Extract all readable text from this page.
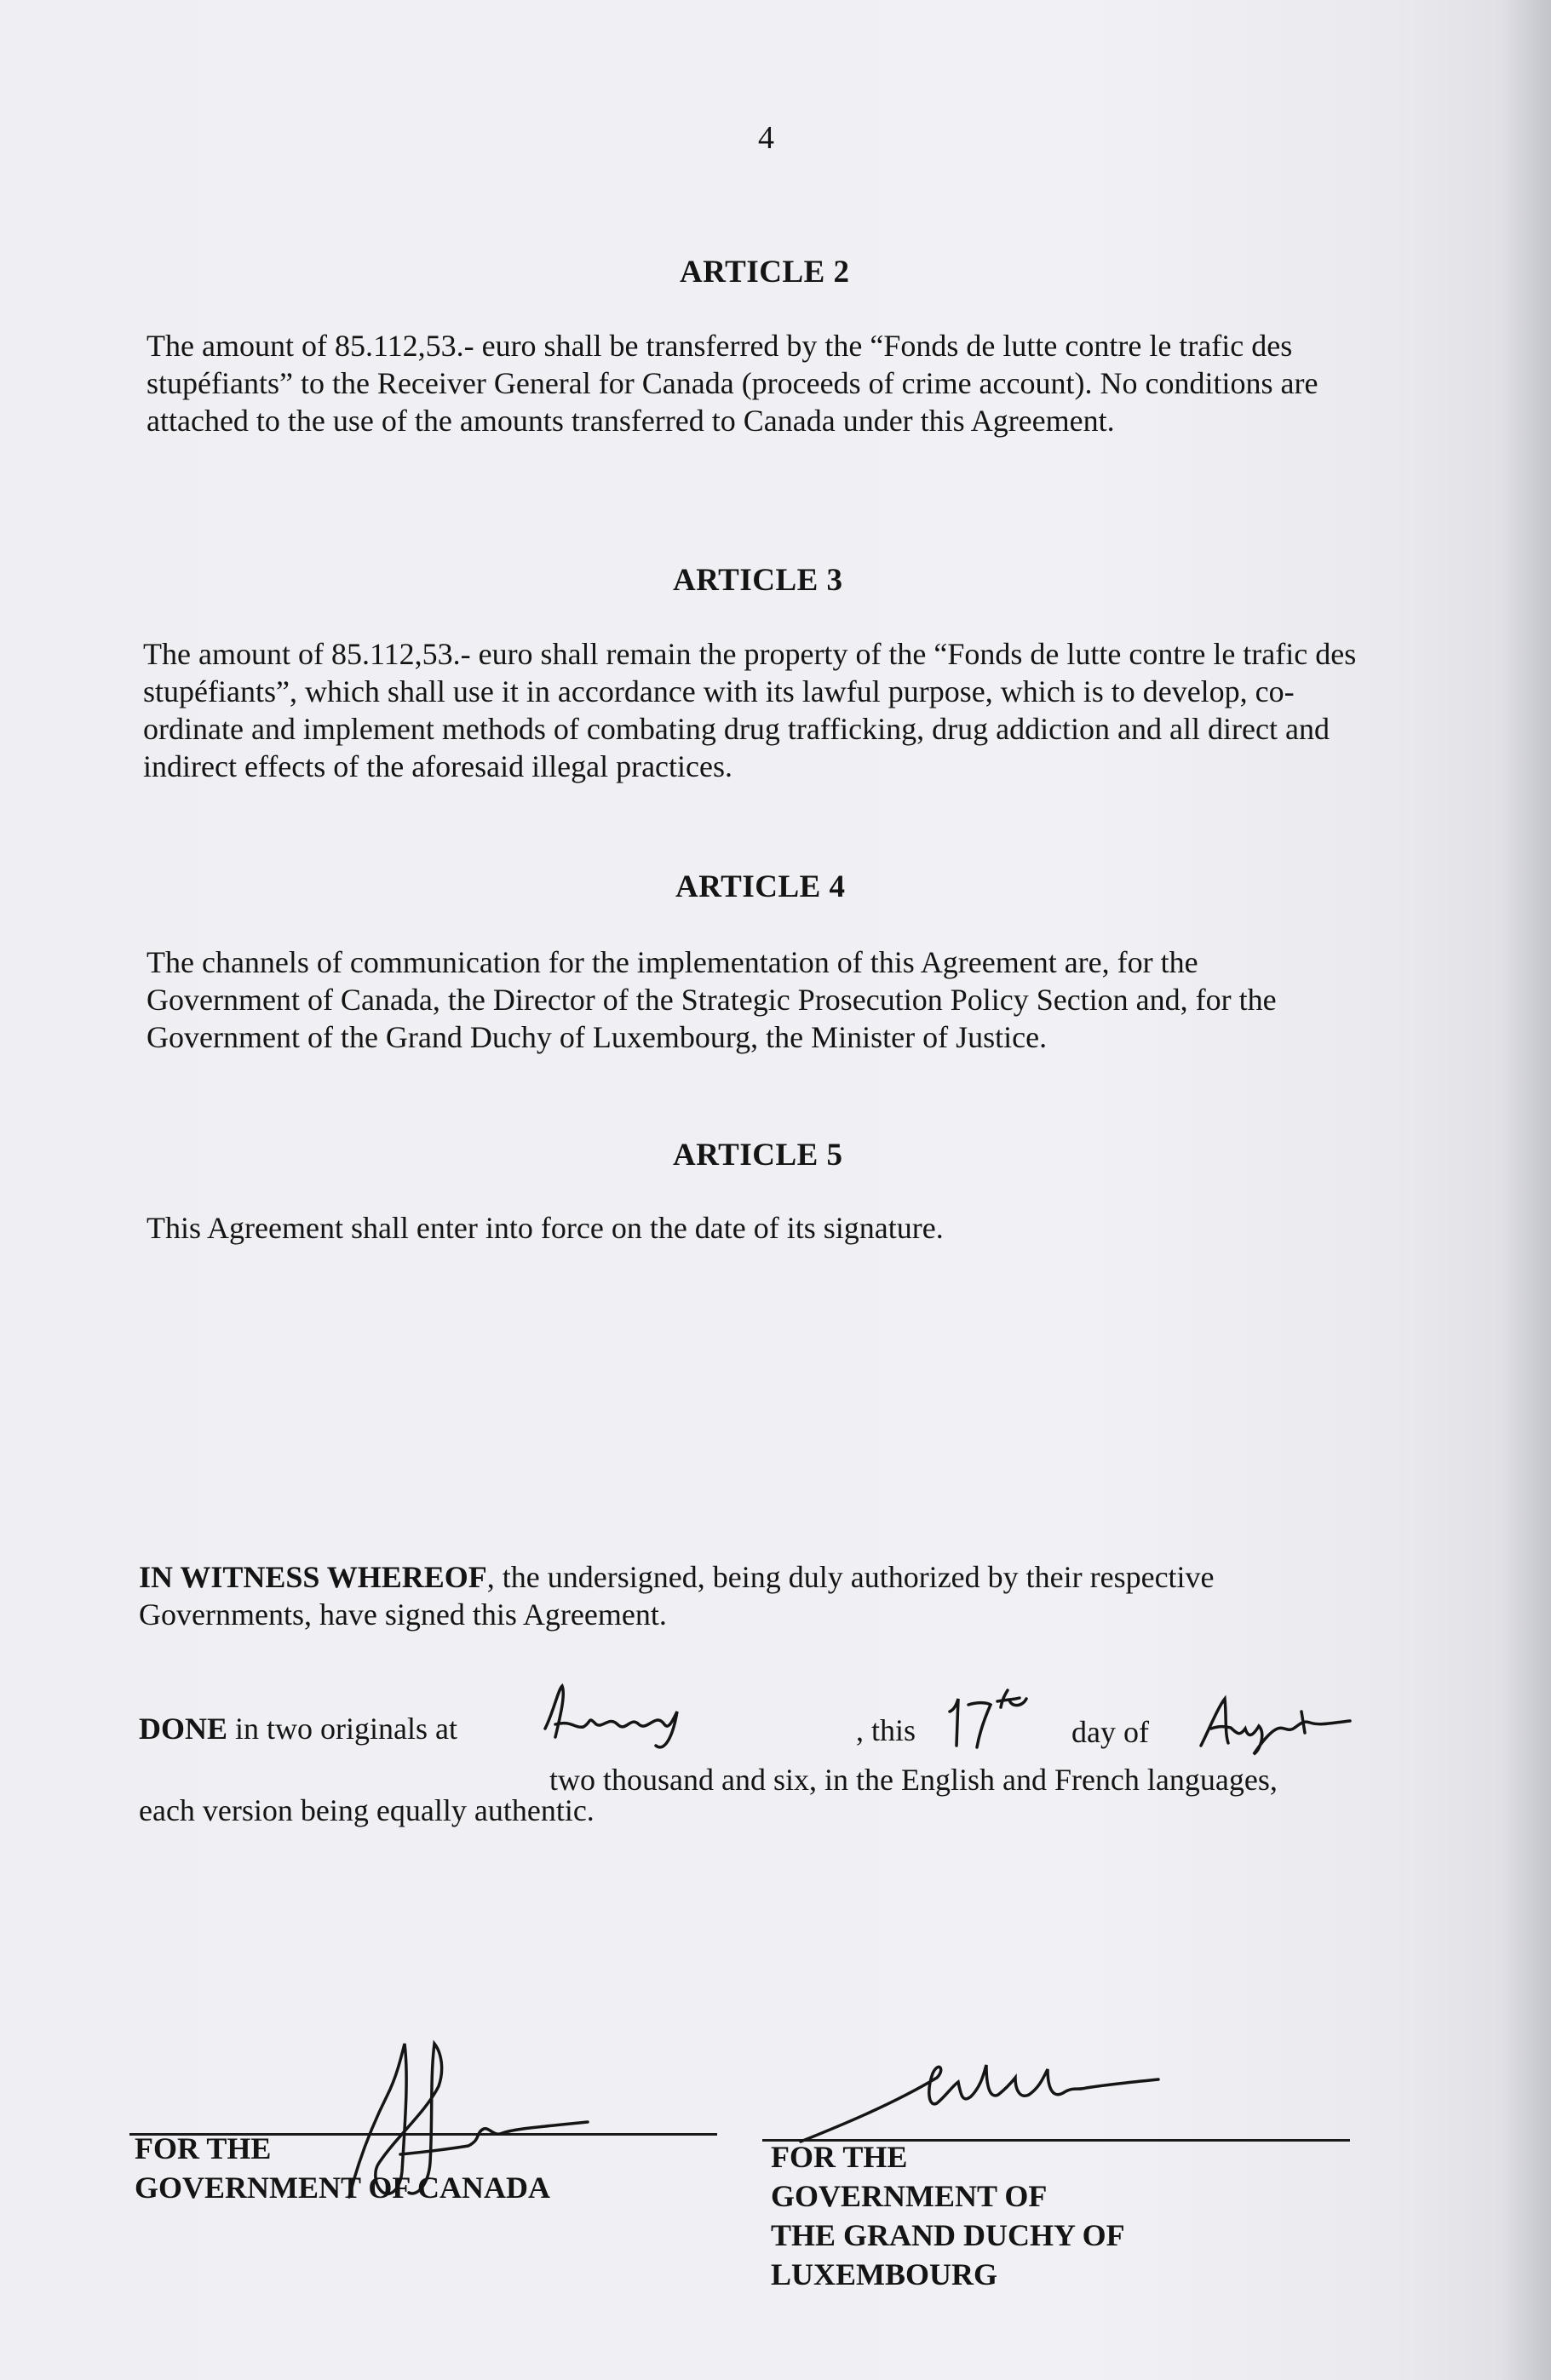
4
ARTICLE 2
The amount of 85.112,53.- euro shall be transferred by the “Fonds de lutte contre le trafic des stupéfiants” to the Receiver General for Canada (proceeds of crime account). No conditions are attached to the use of the amounts transferred to Canada under this Agreement.
ARTICLE 3
The amount of 85.112,53.- euro shall remain the property of the “Fonds de lutte contre le trafic des stupéfiants”, which shall use it in accordance with its lawful purpose, which is to develop, co-ordinate and implement methods of combating drug trafficking, drug addiction and all direct and indirect effects of the aforesaid illegal practices.
ARTICLE 4
The channels of communication for the implementation of this Agreement are, for the Government of Canada, the Director of the Strategic Prosecution Policy Section and, for the Government of the Grand Duchy of Luxembourg, the Minister of Justice.
ARTICLE 5
This Agreement shall enter into force on the date of its signature.
IN WITNESS WHEREOF, the undersigned, being duly authorized by their respective Governments, have signed this Agreement.
DONE in two originals at	, this	day of
two thousand and six, in the English and French languages,
each version being equally authentic.
FOR THE
GOVERNMENT OF CANADA
FOR THE
GOVERNMENT OF
THE GRAND DUCHY OF
LUXEMBOURG
